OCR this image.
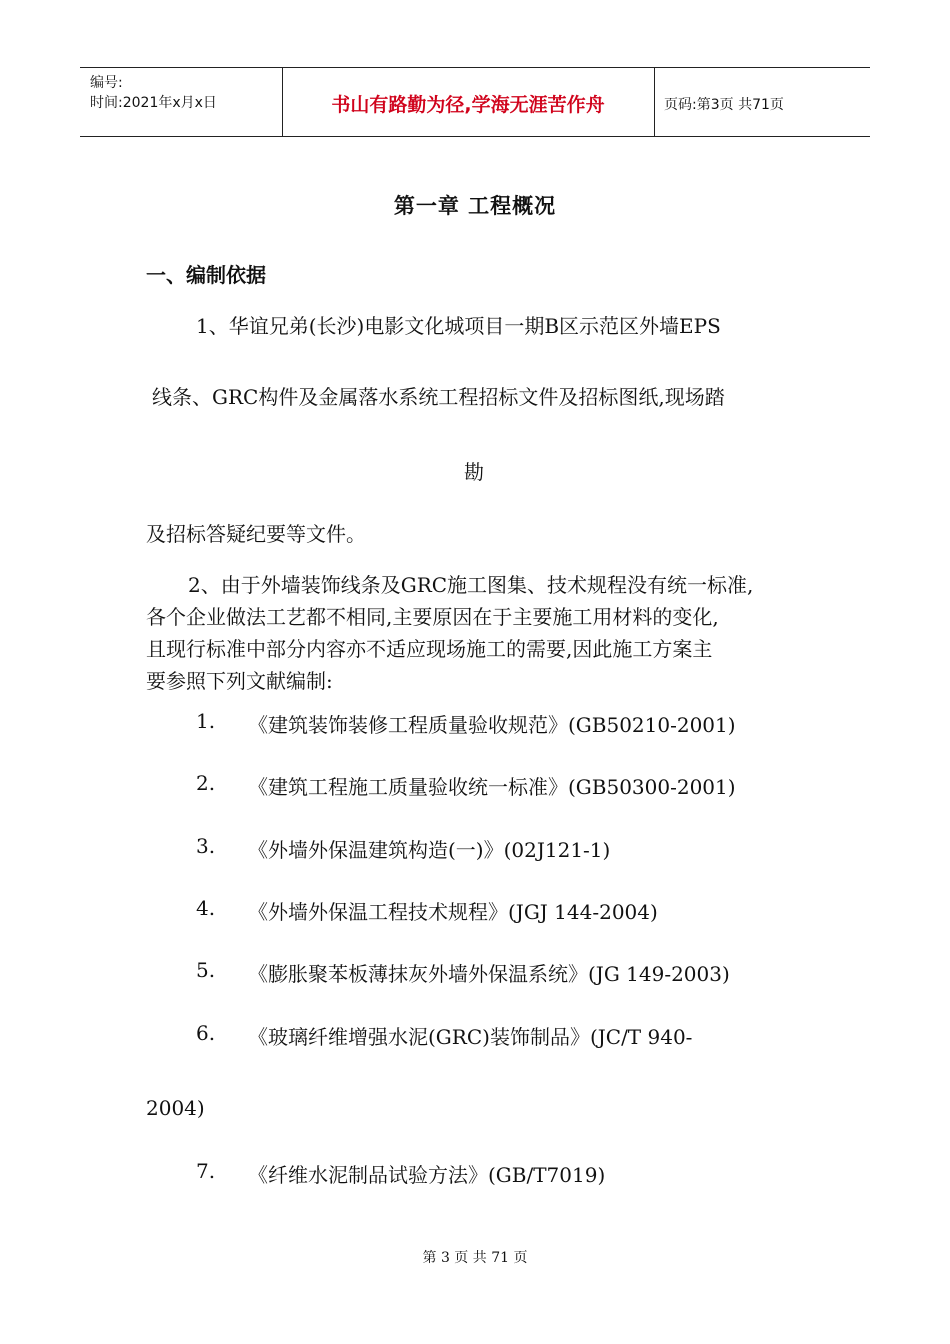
编号:
时间:2021年x月x日	书山有路勤为径,学海无涯苦作舟	页码:第3页 共71页
第一章 工程概况
一、编制依据
1、华谊兄弟(长沙)电影文化城项目一期B区示范区外墙EPS
线条、GRC构件及金属落水系统工程招标文件及招标图纸,现场踏
勘
及招标答疑纪要等文件。
2、由于外墙装饰线条及GRC施工图集、技术规程没有统一标准,
各个企业做法工艺都不相同,主要原因在于主要施工用材料的变化,
且现行标准中部分内容亦不适应现场施工的需要,因此施工方案主
要参照下列文献编制:
1. 《建筑装饰装修工程质量验收规范》(GB50210-2001)
2. 《建筑工程施工质量验收统一标准》(GB50300-2001)
3. 《外墙外保温建筑构造(一)》(02J121-1)
4. 《外墙外保温工程技术规程》(JGJ 144-2004)
5. 《膨胀聚苯板薄抹灰外墙外保温系统》(JG 149-2003)
6. 《玻璃纤维增强水泥(GRC)装饰制品》(JC/T 940-
2004)
7. 《纤维水泥制品试验方法》(GB/T7019)
第 3 页 共 71 页
